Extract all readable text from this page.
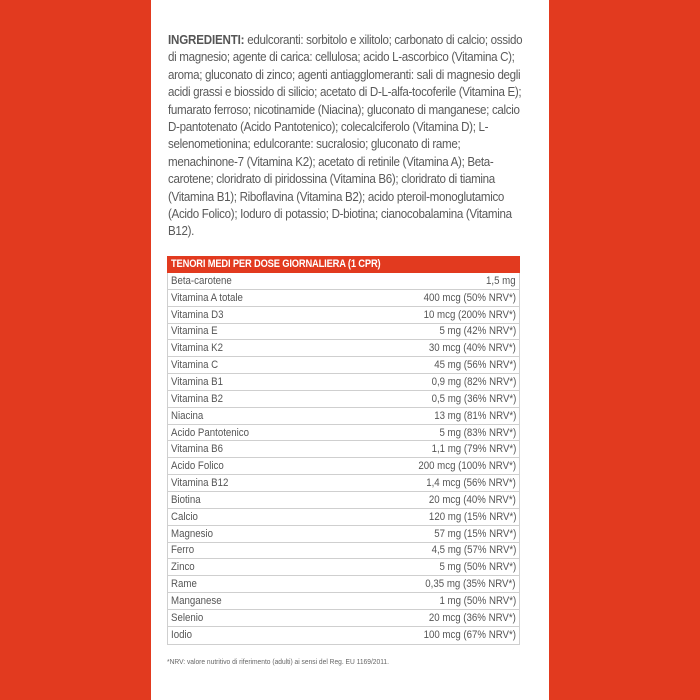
INGREDIENTI: edulcoranti: sorbitolo e xilitolo; carbonato di calcio; ossido di magnesio; agente di carica: cellulosa; acido L-ascorbico (Vitamina C); aroma; gluconato di zinco; agenti antiagglomeranti: sali di magnesio degli acidi grassi e biossido di silicio; acetato di D-L-alfa-tocoferile (Vitamina E); fumarato ferroso; nicotinamide (Niacina); gluconato di manganese; calcio D-pantotenato (Acido Pantotenico); colecalciferolo (Vitamina D); L-selenometionina; edulcorante: sucralosio; gluconato di rame; menachinone-7 (Vitamina K2); acetato di retinile (Vitamina A); Beta-carotene; cloridrato di piridossina (Vitamina B6); cloridrato di tiamina (Vitamina B1); Riboflavina (Vitamina B2); acido pteroil-monoglutamico (Acido Folico); Ioduro di potassio; D-biotina; cianocobalamina (Vitamina B12).
TENORI MEDI PER DOSE GIORNALIERA (1 CPR)
Beta-carotene	1,5 mg
Vitamina A totale	400 mcg (50% NRV*)
Vitamina D3	10 mcg (200% NRV*)
Vitamina E	5 mg (42% NRV*)
Vitamina K2	30 mcg (40% NRV*)
Vitamina C	45 mg (56% NRV*)
Vitamina B1	0,9 mg (82% NRV*)
Vitamina B2	0,5 mg (36% NRV*)
Niacina	13 mg (81% NRV*)
Acido Pantotenico	5 mg (83% NRV*)
Vitamina B6	1,1 mg (79% NRV*)
Acido Folico	200 mcg (100% NRV*)
Vitamina B12	1,4 mcg (56% NRV*)
Biotina	20 mcg (40% NRV*)
Calcio	120 mg (15% NRV*)
Magnesio	57 mg (15% NRV*)
Ferro	4,5 mg (57% NRV*)
Zinco	5 mg (50% NRV*)
Rame	0,35 mg (35% NRV*)
Manganese	1 mg (50% NRV*)
Selenio	20 mcg (36% NRV*)
Iodio	100 mcg (67% NRV*)
*NRV: valore nutritivo di riferimento (adulti) ai sensi del Reg. EU 1169/2011.
